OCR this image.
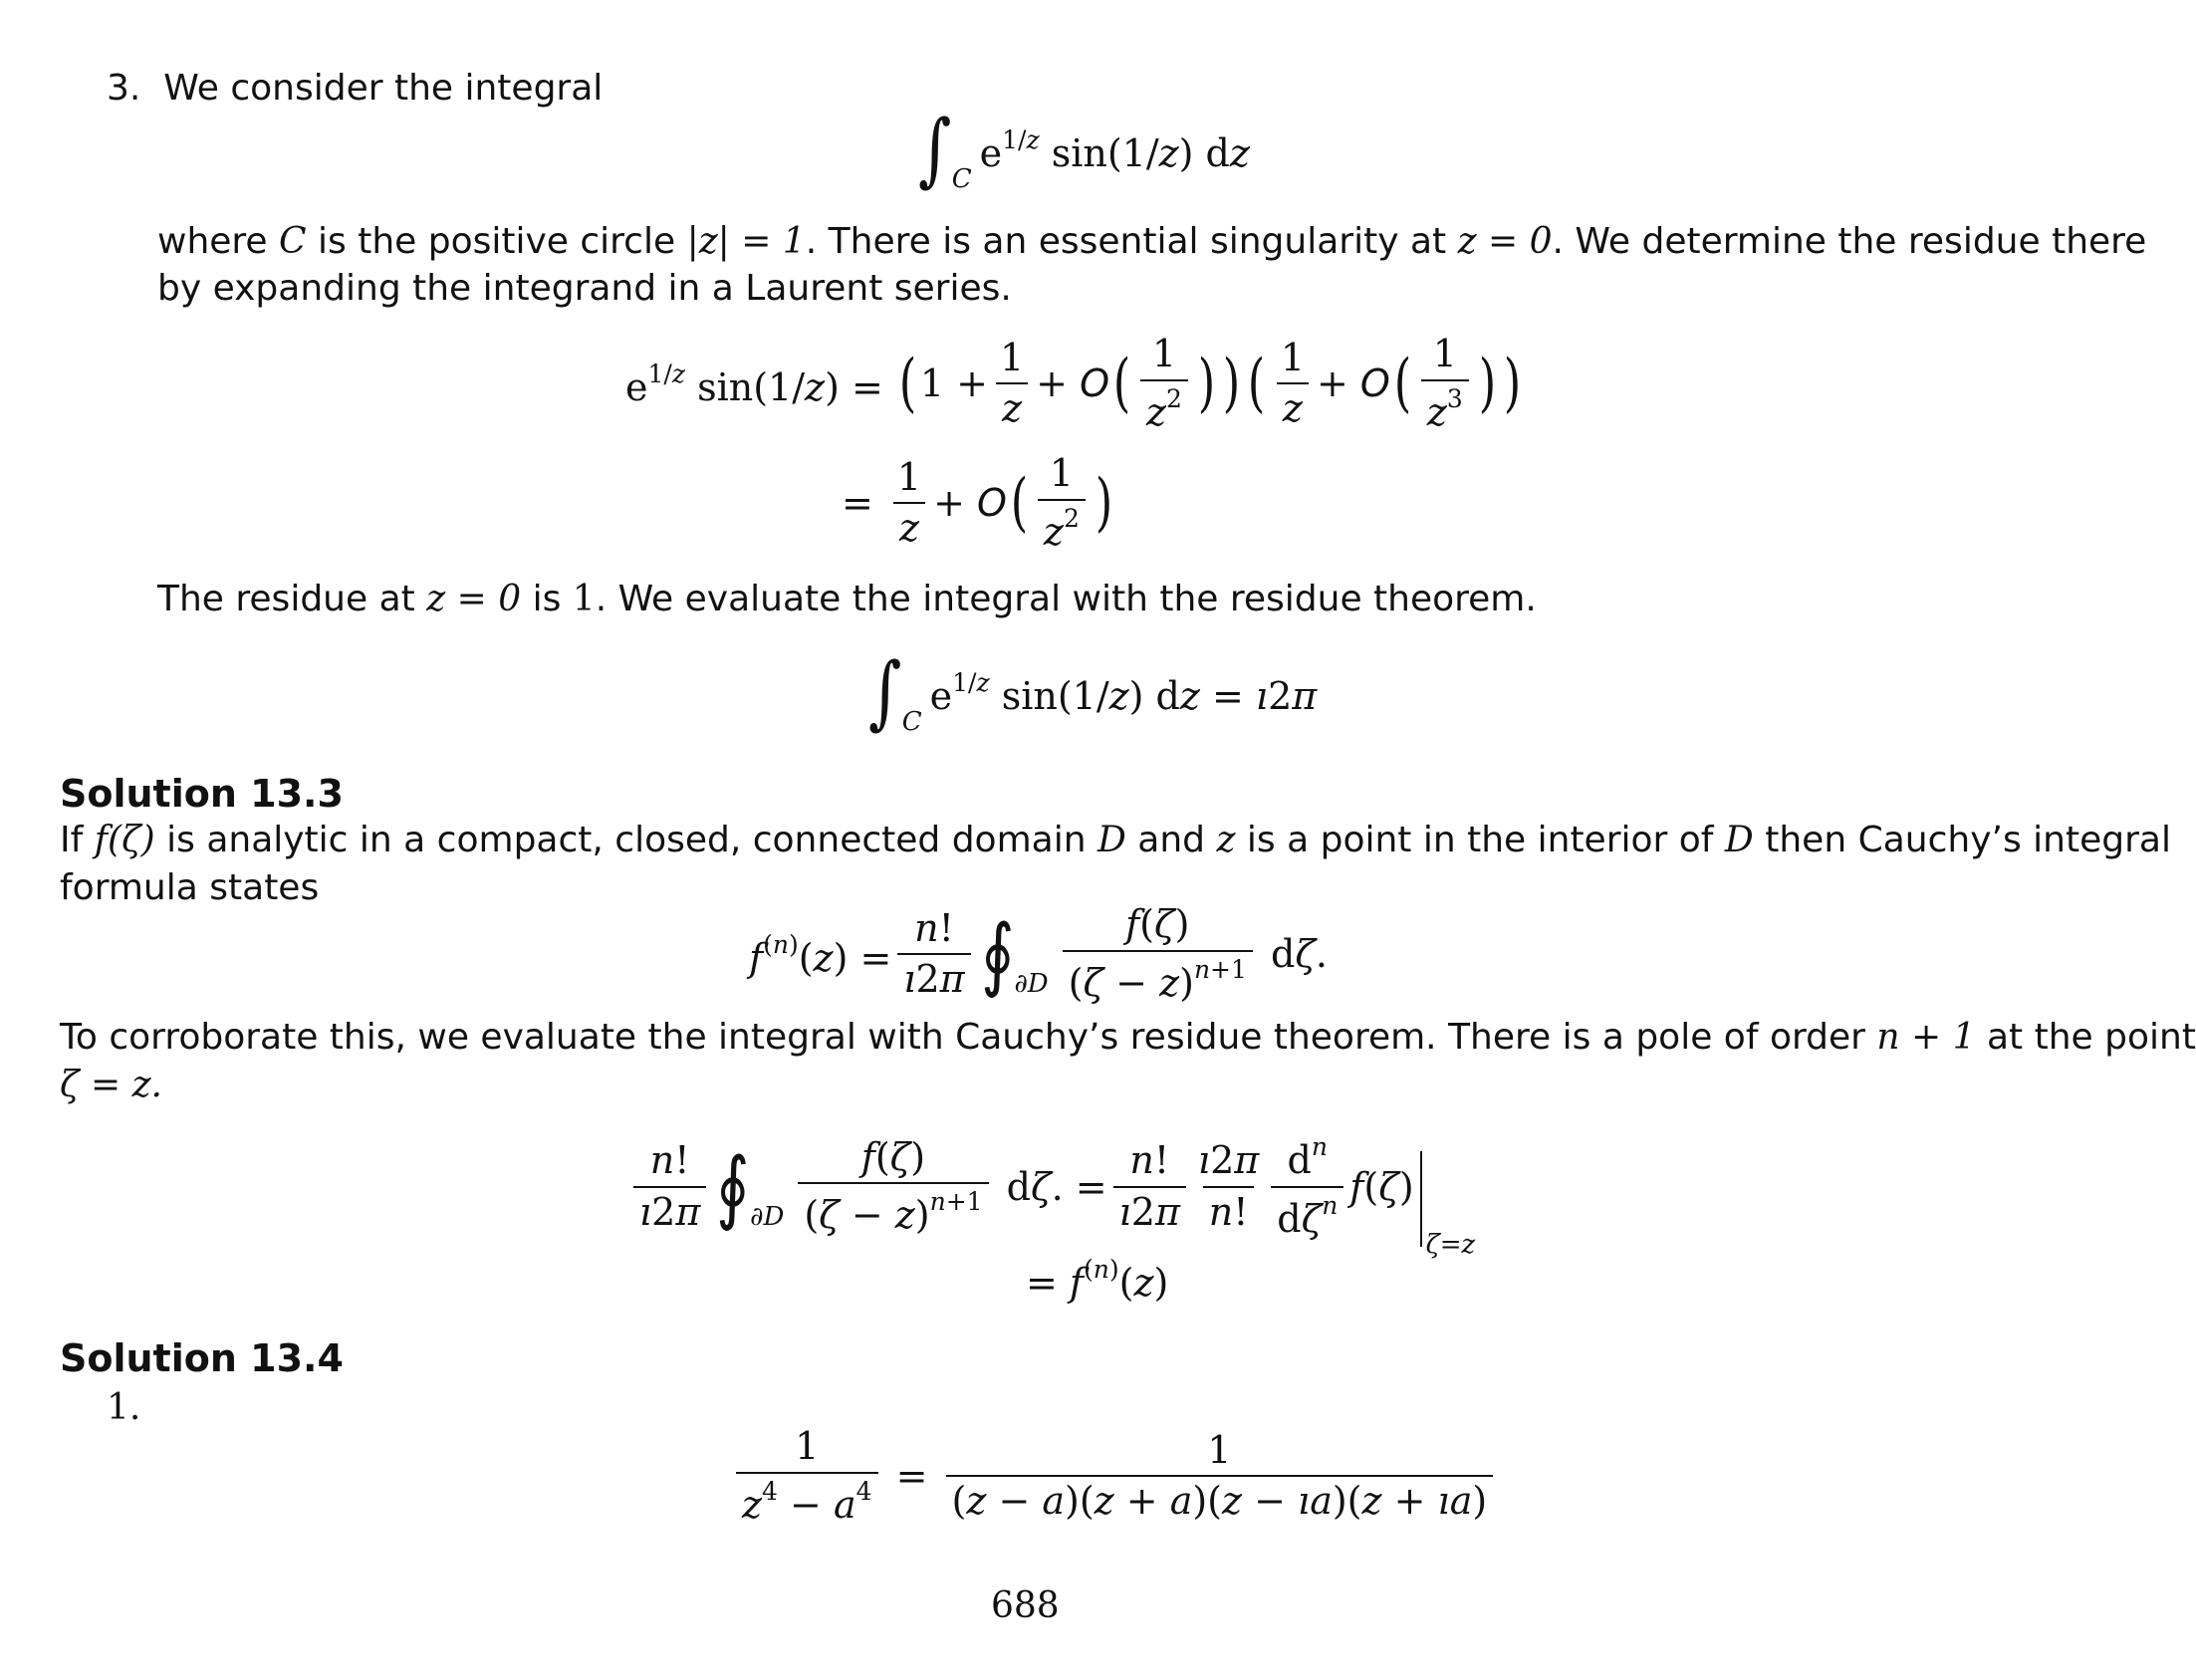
3. We consider the integral

∫ C
$e^{1/z}$ sin(1/z) dz

where C is the positive circle |z| = 1. There is an essential singularity at z = 0. We determine the residue there

by expanding the integrand in a Laurent series.

$e^{1/z}$ sin(1/z) = ( $1 + \frac{1}{z} + O$ ( $\frac{1}{z^2}$ ) ) ( $\frac{1}{z} + O$ ( $\frac{1}{z^3}$ ) )
= $\frac{1}{z} + O$ ( $\frac{1}{z^2}$ )

The residue at z = 0 is 1. We evaluate the integral with the residue theorem.

∫ C
$e^{1/z}$ sin(1/z) dz = ı2π

Solution 13.3

If f(ζ) is analytic in a compact, closed, connected domain D and z is a point in the interior of D then Cauchy’s integral

formula states

$f^{(n)}(z) = \frac{n!}{ı2\pi}$ ∮ $\partial D \frac{f(\zeta)}{(\zeta - z)^{n+1}} d\zeta$.

To corroborate this, we evaluate the integral with Cauchy’s residue theorem. There is a pole of order n + 1 at the point

ζ = z.

$\frac{n!}{ı2\pi}$ ∮ $\partial D \frac{f(\zeta)}{(\zeta - z)^{n+1}} d\zeta$. = $\frac{n!}{ı2\pi} \frac{ı2\pi}{n!} \frac{d^n}{d\zeta^n} f(\zeta)$
ζ=z
= $f^{(n)}(z)$

Solution 13.4

1.

$\frac{1}{z^4 - a^4} = \frac{1}{(z - a)(z + a)(z - ıa)(z + ıa)}$
688
